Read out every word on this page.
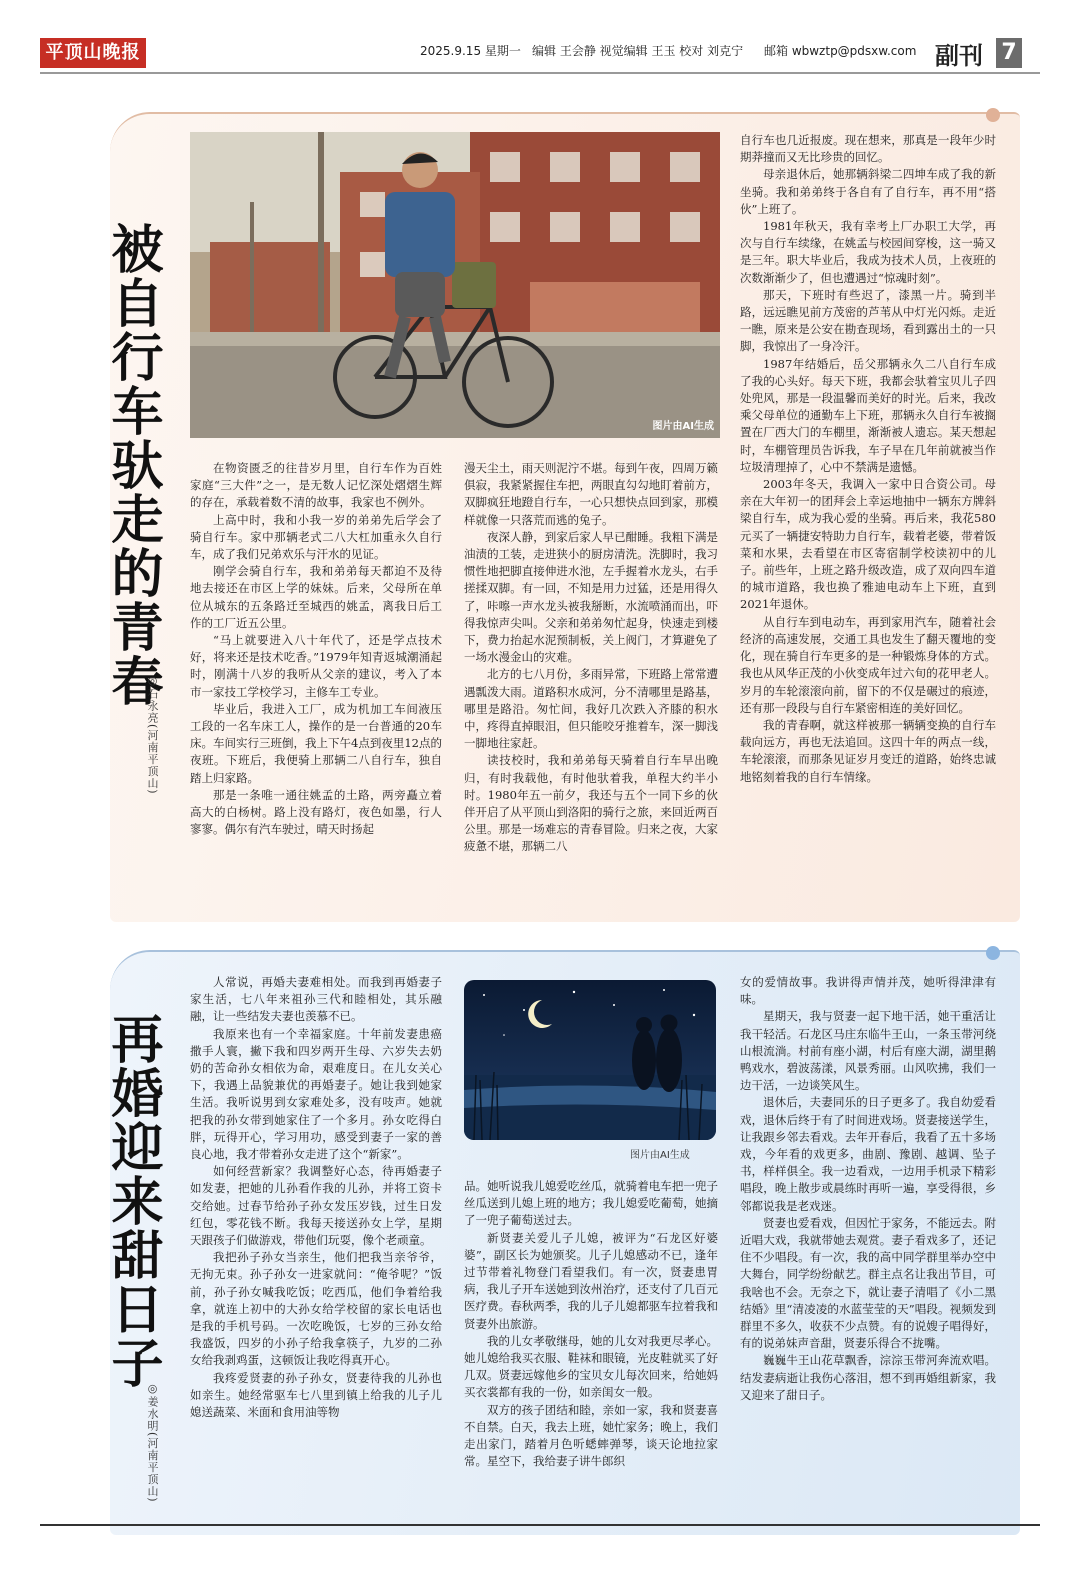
平顶山晚报	2025.9.15 星期一 编辑 王会静 视觉编辑 王玉 校对 刘克宁 邮箱 wbwztp@pdsxw.com 副刊 7
被自行车驮走的青春
◎石永亮(河南平顶山)
图片由AI生成

在物资匮乏的往昔岁月里，自行车作为百姓家庭“三大件”之一，是无数人记忆深处熠熠生辉的存在，承载着数不清的故事，我家也不例外。

上高中时，我和小我一岁的弟弟先后学会了骑自行车。家中那辆老式二八大杠加重永久自行车，成了我们兄弟欢乐与汗水的见证。

刚学会骑自行车，我和弟弟每天都迫不及待地去接还在市区上学的妹妹。后来，父母所在单位从城东的五条路迁至城西的姚孟，离我日后工作的工厂近五公里。

“马上就要进入八十年代了，还是学点技术好，将来还是技术吃香。”1979年知青返城潮涌起时，刚满十八岁的我听从父亲的建议，考入了本市一家技工学校学习，主修车工专业。

毕业后，我进入工厂，成为机加工车间液压工段的一名车床工人，操作的是一台普通的20车床。车间实行三班倒，我上下午4点到夜里12点的夜班。下班后，我便骑上那辆二八自行车，独自踏上归家路。

那是一条唯一通往姚孟的土路，两旁矗立着高大的白杨树。路上没有路灯，夜色如墨，行人寥寥。偶尔有汽车驶过，晴天时扬起

漫天尘土，雨天则泥泞不堪。每到午夜，四周万籁俱寂，我紧紧握住车把，两眼直勾勾地盯着前方，双脚疯狂地蹬自行车，一心只想快点回到家，那模样就像一只落荒而逃的兔子。

夜深人静，到家后家人早已酣睡。我粗下满是油渍的工装，走进狭小的厨房清洗。洗脚时，我习惯性地把脚直接伸进水池，左手握着水龙头，右手搓揉双脚。有一回，不知是用力过猛，还是用得久了，咔嚓一声水龙头被我掰断，水流喷涌而出，吓得我惊声尖叫。父亲和弟弟匆忙起身，快速走到楼下，费力抬起水泥预制板，关上阀门，才算避免了一场水漫金山的灾难。

北方的七八月份，多雨异常，下班路上常常遭遇瓢泼大雨。道路积水成河，分不清哪里是路基，哪里是路沿。匆忙间，我好几次跌入齐膝的积水中，疼得直掉眼泪，但只能咬牙推着车，深一脚浅一脚地往家赶。

读技校时，我和弟弟每天骑着自行车早出晚归，有时我载他，有时他驮着我，单程大约半小时。1980年五一前夕，我还与五个一同下乡的伙伴开启了从平顶山到洛阳的骑行之旅，来回近两百公里。那是一场难忘的青春冒险。归来之夜，大家疲惫不堪，那辆二八

自行车也几近报废。现在想来，那真是一段年少时期莽撞而又无比珍贵的回忆。

母亲退休后，她那辆斜梁二四坤车成了我的新坐骑。我和弟弟终于各自有了自行车，再不用“搭伙”上班了。

1981年秋天，我有幸考上厂办职工大学，再次与自行车续缘，在姚孟与校园间穿梭，这一骑又是三年。职大毕业后，我成为技术人员，上夜班的次数渐渐少了，但也遭遇过“惊魂时刻”。

那天，下班时有些迟了，漆黑一片。骑到半路，远远瞧见前方茂密的芦苇从中灯光闪烁。走近一瞧，原来是公安在勘查现场，看到露出土的一只脚，我惊出了一身冷汗。

1987年结婚后，岳父那辆永久二八自行车成了我的心头好。每天下班，我都会驮着宝贝儿子四处兜风，那是一段温馨而美好的时光。后来，我改乘父母单位的通勤车上下班，那辆永久自行车被搁置在厂西大门的车棚里，渐渐被人遗忘。某天想起时，车棚管理员告诉我，车子早在几年前就被当作垃圾清理掉了，心中不禁满是遗憾。

2003年冬天，我调入一家中日合资公司。母亲在大年初一的团拜会上幸运地抽中一辆东方牌斜梁自行车，成为我心爱的坐骑。再后来，我花580元买了一辆捷安特助力自行车，载着老婆，带着饭菜和水果，去看望在市区寄宿制学校读初中的儿子。前些年，上班之路升级改造，成了双向四车道的城市道路，我也换了雅迪电动车上下班，直到2021年退休。

从自行车到电动车，再到家用汽车，随着社会经济的高速发展，交通工具也发生了翻天覆地的变化，现在骑自行车更多的是一种锻炼身体的方式。我也从风华正茂的小伙变成年过六旬的花甲老人。岁月的车轮滚滚向前，留下的不仅是碾过的痕迹，还有那一段段与自行车紧密相连的美好回忆。

我的青春啊，就这样被那一辆辆变换的自行车载向远方，再也无法追回。这四十年的两点一线，车轮滚滚，而那条见证岁月变迁的道路，始终忠诚地铭刻着我的自行车情缘。

再婚迎来甜日子
◎姜水明(河南平顶山)

人常说，再婚夫妻难相处。而我到再婚妻子家生活，七八年来祖孙三代和睦相处，其乐融融，让一些结发夫妻也羡慕不已。

我原来也有一个幸福家庭。十年前发妻患癌撒手人寰，撇下我和四岁两开生母、六岁失去奶奶的苦命孙女相依为命，艰难度日。在儿女关心下，我遇上品貌兼优的再婚妻子。她让我到她家生活。我听说男到女家难处多，没有吱声。她就把我的孙女带到她家住了一个多月。孙女吃得白胖，玩得开心，学习用功，感受到妻子一家的善良心地，我才带着孙女走进了这个“新家”。

如何经营新家？我调整好心态，待再婚妻子如发妻，把她的儿孙看作我的儿孙，并将工资卡交给她。过春节给孙子孙女发压岁钱，过生日发红包，零花钱不断。我每天接送孙女上学，星期天跟孩子们做游戏，带他们玩耍，像个老顽童。

我把孙子孙女当亲生，他们把我当亲爷爷，无拘无束。孙子孙女一进家就问：“俺爷呢？”饭前，孙子孙女喊我吃饭；吃西瓜，他们争着给我拿，就连上初中的大孙女给学校留的家长电话也是我的手机号码。一次吃晚饭，七岁的三孙女给我盛饭，四岁的小孙子给我拿筷子，九岁的二孙女给我剥鸡蛋，这顿饭让我吃得真开心。

我疼爱贤妻的孙子孙女，贤妻待我的儿孙也如亲生。她经常驱车七八里到镇上给我的儿子儿媳送蔬菜、米面和食用油等物

图片由AI生成

品。她听说我儿媳爱吃丝瓜，就骑着电车把一兜子丝瓜送到儿媳上班的地方；我儿媳爱吃葡萄，她摘了一兜子葡萄送过去。

新贤妻关爱儿子儿媳，被评为“石龙区好婆婆”，副区长为她颁奖。儿子儿媳感动不已，逢年过节带着礼物登门看望我们。有一次，贤妻患胃病，我儿子开车送她到汝州治疗，还支付了几百元医疗费。春秋两季，我的儿子儿媳都驱车拉着我和贤妻外出旅游。

我的儿女孝敬继母，她的儿女对我更尽孝心。她儿媳给我买衣服、鞋袜和眼镜，光皮鞋就买了好几双。贤妻远嫁他乡的宝贝女儿每次回来，给她妈买衣裳都有我的一份，如亲闺女一般。

双方的孩子团结和睦，亲如一家，我和贤妻喜不自禁。白天，我去上班，她忙家务；晚上，我们走出家门，踏着月色听蟋蟀弹琴，谈天论地拉家常。星空下，我给妻子讲牛郎织

女的爱情故事。我讲得声情并茂，她听得津津有味。

星期天，我与贤妻一起下地干活，她干重活让我干轻活。石龙区马庄东临牛王山，一条玉带河绕山根流淌。村前有座小湖，村后有座大湖，湖里鹅鸭戏水，碧波荡漾，风景秀丽。山风吹拂，我们一边干活，一边谈笑风生。

退休后，夫妻同乐的日子更多了。我自幼爱看戏，退休后终于有了时间进戏场。贤妻接送学生，让我跟乡邻去看戏。去年开春后，我看了五十多场戏，今年看的戏更多，曲剧、豫剧、越调、坠子书，样样俱全。我一边看戏，一边用手机录下精彩唱段，晚上散步或晨练时再听一遍，享受得很，乡邻都说我是老戏迷。

贤妻也爱看戏，但因忙于家务，不能远去。附近唱大戏，我就带她去观赏。妻子看戏多了，还记住不少唱段。有一次，我的高中同学群里举办空中大舞台，同学纷纷献艺。群主点名让我出节目，可我啥也不会。无奈之下，就让妻子清唱了《小二黑结婚》里“清凌凌的水蓝莹莹的天”唱段。视频发到群里不多久，收获不少点赞。有的说嫂子唱得好，有的说弟妹声音甜，贤妻乐得合不拢嘴。

巍巍牛王山花草飘香，淙淙玉带河奔流欢唱。结发妻病逝让我伤心落泪，想不到再婚组新家，我又迎来了甜日子。
